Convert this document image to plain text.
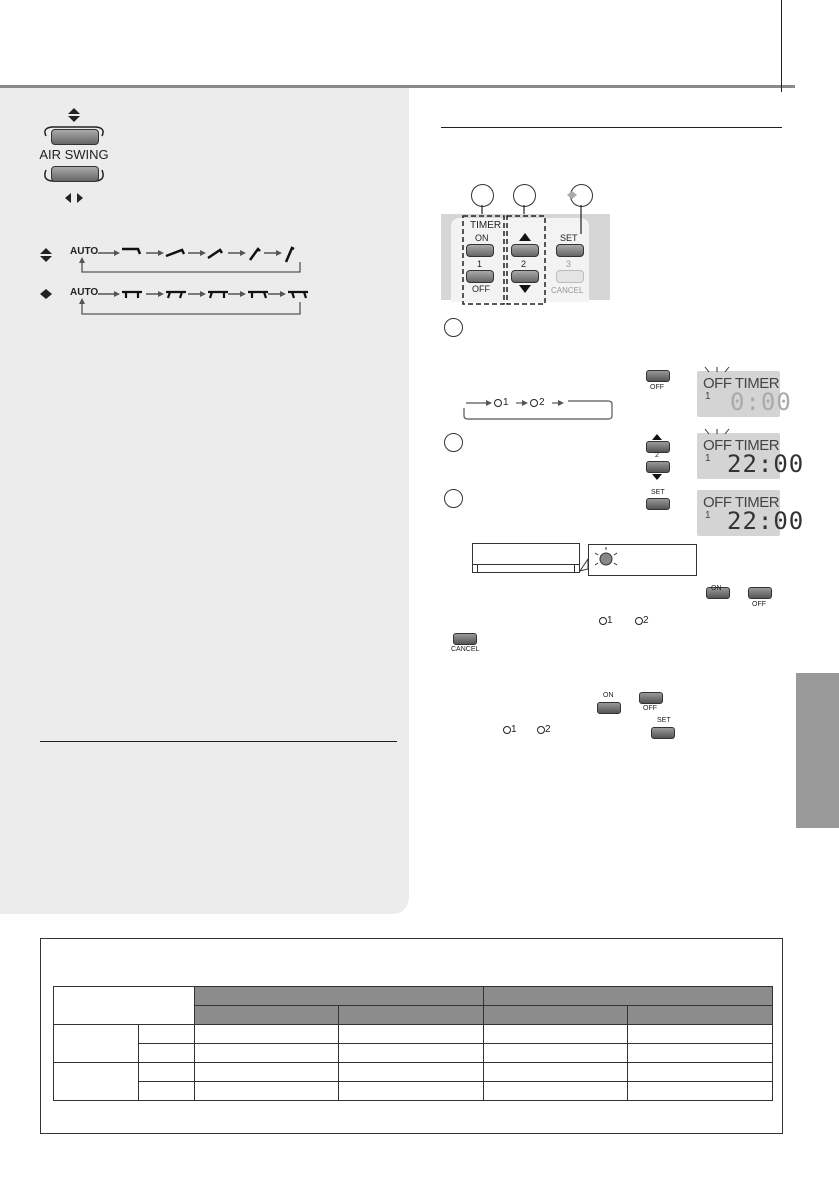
AIR SWING
AUTO
AUTO
TIMER
ON
1
OFF
2
SET
3
CANCEL
1	2
OFF
2
SET
OFF TIMER
1 0:00
OFF TIMER
1 22:00
OFF TIMER
1 22:00
ON
OFF
1	2
CANCEL
ON
OFF
1	2
SET
